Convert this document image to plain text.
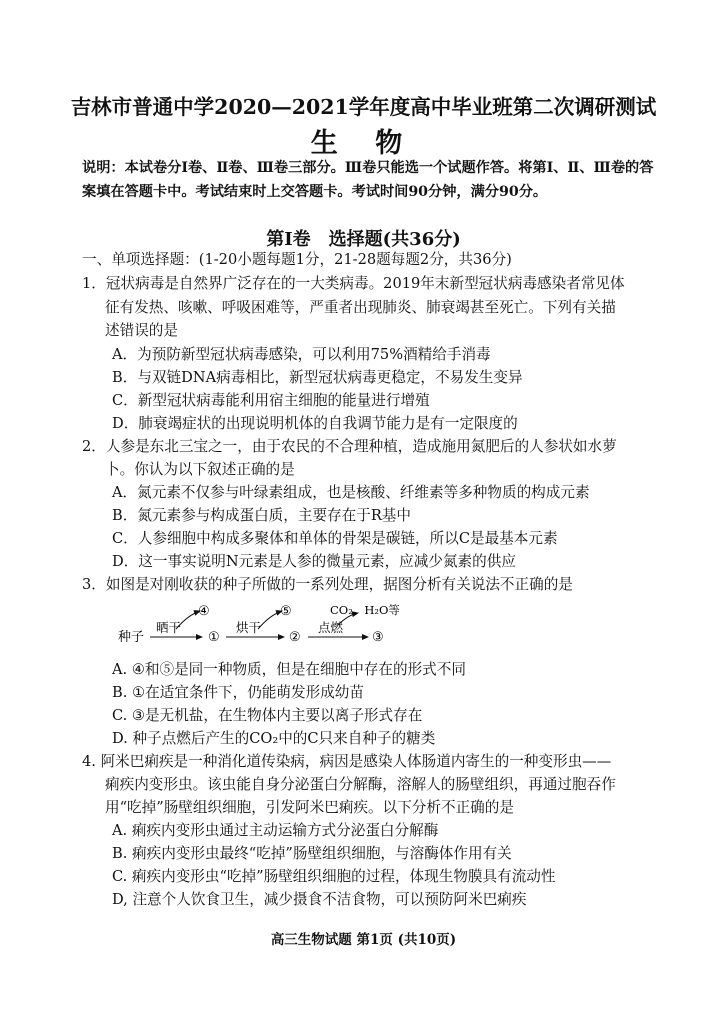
吉林市普通中学2020—2021学年度高中毕业班第二次调研测试
生 物
说明：本试卷分Ⅰ卷、Ⅱ卷、Ⅲ卷三部分。Ⅲ卷只能选一个试题作答。将第Ⅰ、Ⅱ、Ⅲ卷的答案填在答题卡中。考试结束时上交答题卡。考试时间90分钟，满分90分。
第Ⅰ卷 选择题(共36分)
一、单项选择题：(1-20小题每题1分，21-28题每题2分，共36分)
1．冠状病毒是自然界广泛存在的一大类病毒。2019年末新型冠状病毒感染者常见体
征有发热、咳嗽、呼吸困难等，严重者出现肺炎、肺衰竭甚至死亡。下列有关描
述错误的是
A．为预防新型冠状病毒感染，可以利用75%酒精给手消毒
B．与双链DNA病毒相比，新型冠状病毒更稳定，不易发生变异
C．新型冠状病毒能利用宿主细胞的能量进行增殖
D．肺衰竭症状的出现说明机体的自我调节能力是有一定限度的
2．人参是东北三宝之一，由于农民的不合理种植，造成施用氮肥后的人参状如水萝
卜。你认为以下叙述正确的是
A．氮元素不仅参与叶绿素组成，也是核酸、纤维素等多种物质的构成元素
B．氮元素参与构成蛋白质，主要存在于R基中
C．人参细胞中构成多聚体和单体的骨架是碳链，所以C是最基本元素
D．这一事实说明N元素是人参的微量元素，应减少氮素的供应
3．如图是对刚收获的种子所做的一系列处理，据图分析有关说法不正确的是
种子
晒干
④
①
烘干
⑤
②
点燃
CO₂、H₂O等
③
A. ④和⑤是同一种物质，但是在细胞中存在的形式不同
B. ①在适宜条件下，仍能萌发形成幼苗
C. ③是无机盐，在生物体内主要以离子形式存在
D. 种子点燃后产生的CO₂中的C只来自种子的糖类
4. 阿米巴痢疾是一种消化道传染病，病因是感染人体肠道内寄生的一种变形虫——
痢疾内变形虫。该虫能自身分泌蛋白分解酶，溶解人的肠壁组织，再通过胞吞作
用“吃掉”肠壁组织细胞，引发阿米巴痢疾。以下分析不正确的是
A. 痢疾内变形虫通过主动运输方式分泌蛋白分解酶
B. 痢疾内变形虫最终“吃掉”肠壁组织细胞，与溶酶体作用有关
C. 痢疾内变形虫“吃掉”肠壁组织细胞的过程，体现生物膜具有流动性
D, 注意个人饮食卫生，减少摄食不洁食物，可以预防阿米巴痢疾
高三生物试题 第1页 (共10页)
